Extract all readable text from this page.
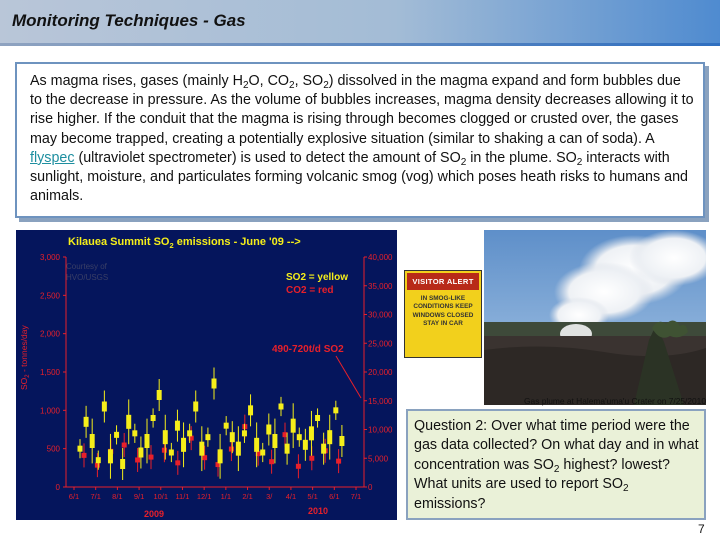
Monitoring Techniques - Gas
As magma rises, gases (mainly $H_2O$, $CO_2$, $SO_2$) dissolved in the magma expand and form bubbles due to the decrease in pressure. As the volume of bubbles increases, magma density decreases allowing it to rise higher. If the conduit that the magma is rising through becomes clogged or crusted over, the gases may become trapped, creating a potentially explosive situation (similar to shaking a can of soda). A flyspec (ultraviolet spectrometer) is used to detect the amount of $SO_2$ in the plume. $SO_2$ interacts with sunlight, moisture, and particulates forming volcanic smog (vog) which poses heath risks to humans and animals.
Kilauea Summit $SO_2$ emissions - June '09 -->
Courtesy of
HVO/USGS	SO2 = yellow
CO2 = red
490-720t/d SO2
$SO_2$ - tonnes/day
2009	2010
0
500
1,000
1,500
2,000
2,500
3,000
0
5,000
10,000
15,000
20,000
25,000
30,000
35,000
40,000
6/1 7/1 8/1 9/1 10/1 11/1 12/1 1/1 2/1 3/ 4/1 5/1 6/1 7/1
VISITOR ALERT
IN SMOG-LIKE CONDITIONS KEEP WINDOWS CLOSED STAY IN CAR
Gas plume at Halema'uma'u Crater on 7/25/2010
Question 2: Over what time period were the gas data collected? On what day and in what concentration was $SO_2$ highest? lowest? What units are used to report $SO_2$ emissions?
7
